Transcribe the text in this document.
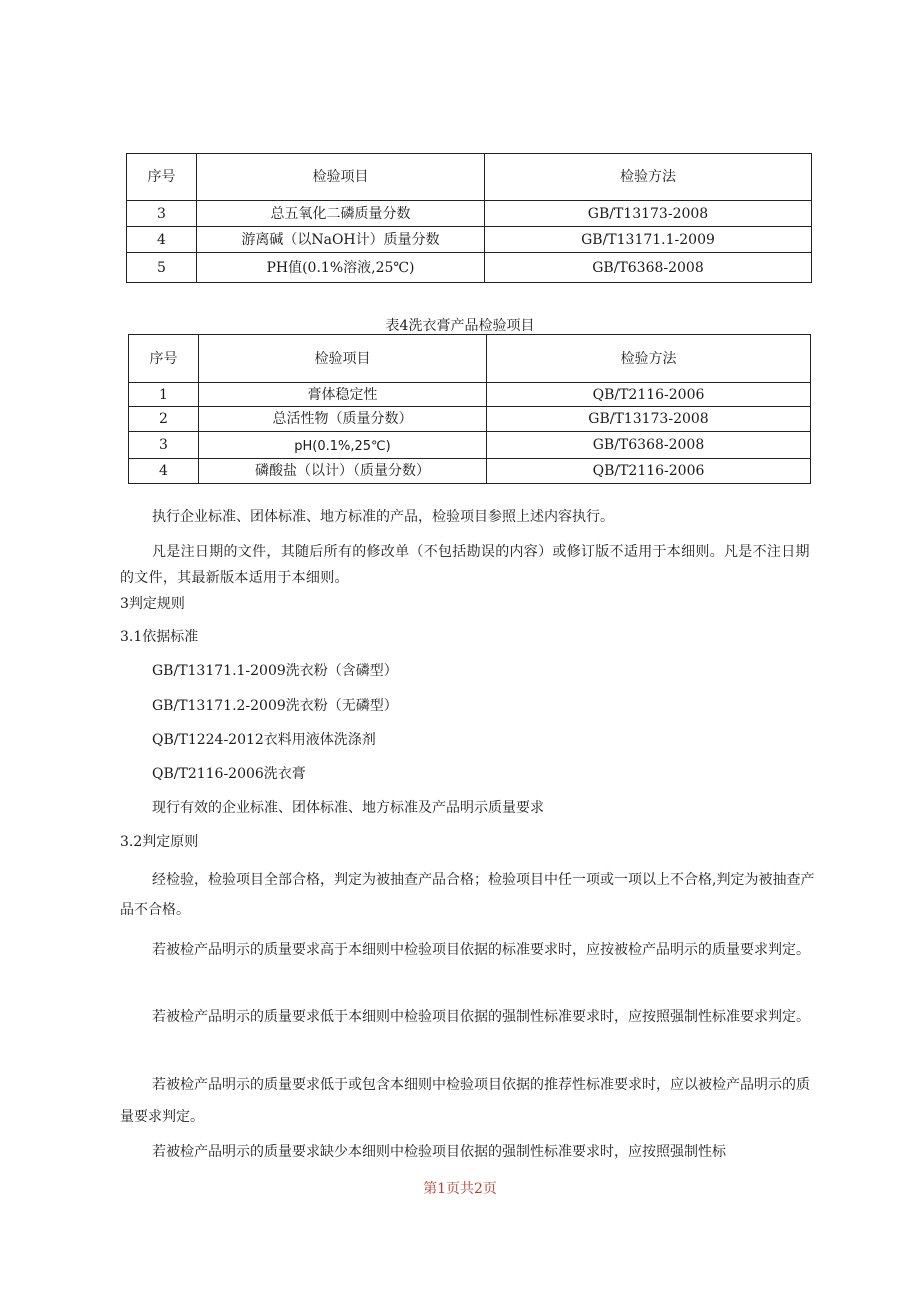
序号	检验项目	检验方法
3	总五氧化二磷质量分数	GB/T13173-2008
4	游离碱（以NaOH计）质量分数	GB/T13171.1-2009
5	PH值(0.1%溶液,25℃)	GB/T6368-2008
表4洗衣膏产品检验项目
序号	检验项目	检验方法
1	膏体稳定性	QB/T2116-2006
2	总活性物（质量分数）	GB/T13173-2008
3	pH(0.1%,25℃)	GB/T6368-2008
4	磷酸盐（以计）（质量分数）	QB/T2116-2006
执行企业标准、团体标准、地方标准的产品，检验项目参照上述内容执行。
凡是注日期的文件，其随后所有的修改单（不包括勘误的内容）或修订版不适用于本细则。凡是不注日期的文件，其最新版本适用于本细则。
3判定规则
3.1依据标准
GB/T13171.1-2009洗衣粉（含磷型）
GB/T13171.2-2009洗衣粉（无磷型）
QB/T1224-2012衣料用液体洗涤剂
QB/T2116-2006洗衣膏
现行有效的企业标准、团体标准、地方标准及产品明示质量要求
3.2判定原则
经检验，检验项目全部合格，判定为被抽查产品合格；检验项目中任一项或一项以上不合格,判定为被抽查产品不合格。
若被检产品明示的质量要求高于本细则中检验项目依据的标准要求时，应按被检产品明示的质量要求判定。
若被检产品明示的质量要求低于本细则中检验项目依据的强制性标准要求时，应按照强制性标准要求判定。
若被检产品明示的质量要求低于或包含本细则中检验项目依据的推荐性标准要求时，应以被检产品明示的质量要求判定。
若被检产品明示的质量要求缺少本细则中检验项目依据的强制性标准要求时，应按照强制性标
第1页共2页
